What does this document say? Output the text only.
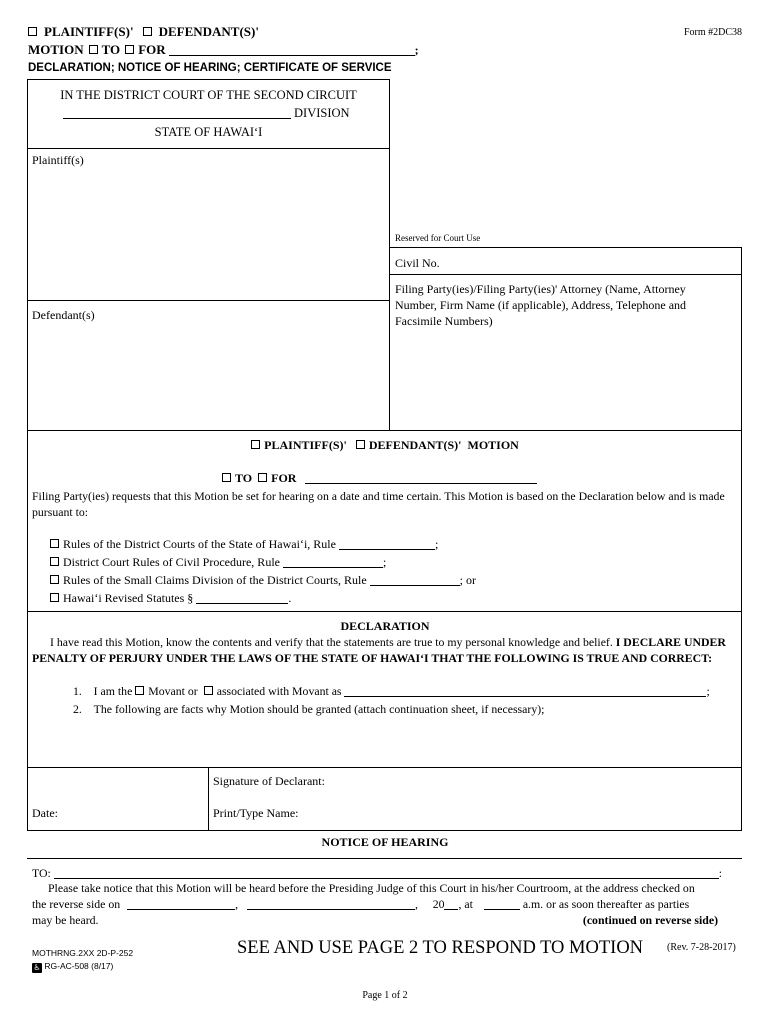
PLAINTIFF(S)' DEFENDANT(S)'	Form #2DC38
MOTION TO FOR	;
DECLARATION; NOTICE OF HEARING; CERTIFICATE OF SERVICE
IN THE DISTRICT COURT OF THE SECOND CIRCUIT
DIVISION
STATE OF HAWAI‘I
Plaintiff(s)
Defendant(s)
Reserved for Court Use
Civil No.
Filing Party(ies)/Filing Party(ies)' Attorney (Name, Attorney Number, Firm Name (if applicable), Address, Telephone and Facsimile Numbers)
PLAINTIFF(S)' DEFENDANT(S)' MOTION
TO FOR
Filing Party(ies) requests that this Motion be set for hearing on a date and time certain. This Motion is based on the Declaration below and is made pursuant to:
Rules of the District Courts of the State of Hawai‘i, Rule	;
District Court Rules of Civil Procedure, Rule	;
Rules of the Small Claims Division of the District Courts, Rule	; or
Hawai‘i Revised Statutes §	.
DECLARATION
I have read this Motion, know the contents and verify that the statements are true to my personal knowledge and belief. I DECLARE UNDER PENALTY OF PERJURY UNDER THE LAWS OF THE STATE OF HAWAI‘I THAT THE FOLLOWING IS TRUE AND CORRECT:
1. I am the Movant or associated with Movant as	;
2. The following are facts why Motion should be granted (attach continuation sheet, if necessary);
Signature of Declarant:
Date:	Print/Type Name:
NOTICE OF HEARING
TO:	:
Please take notice that this Motion will be heard before the Presiding Judge of this Court in his/her Courtroom, at the address checked on
the reverse side on	,	, 20 , at	a.m. or as soon thereafter as parties
may be heard.	(continued on reverse side)
MOTHRNG.2XX 2D-P-252
♿ RG-AC-508 (8/17)
SEE AND USE PAGE 2 TO RESPOND TO MOTION (Rev. 7-28-2017)
Page 1 of 2
